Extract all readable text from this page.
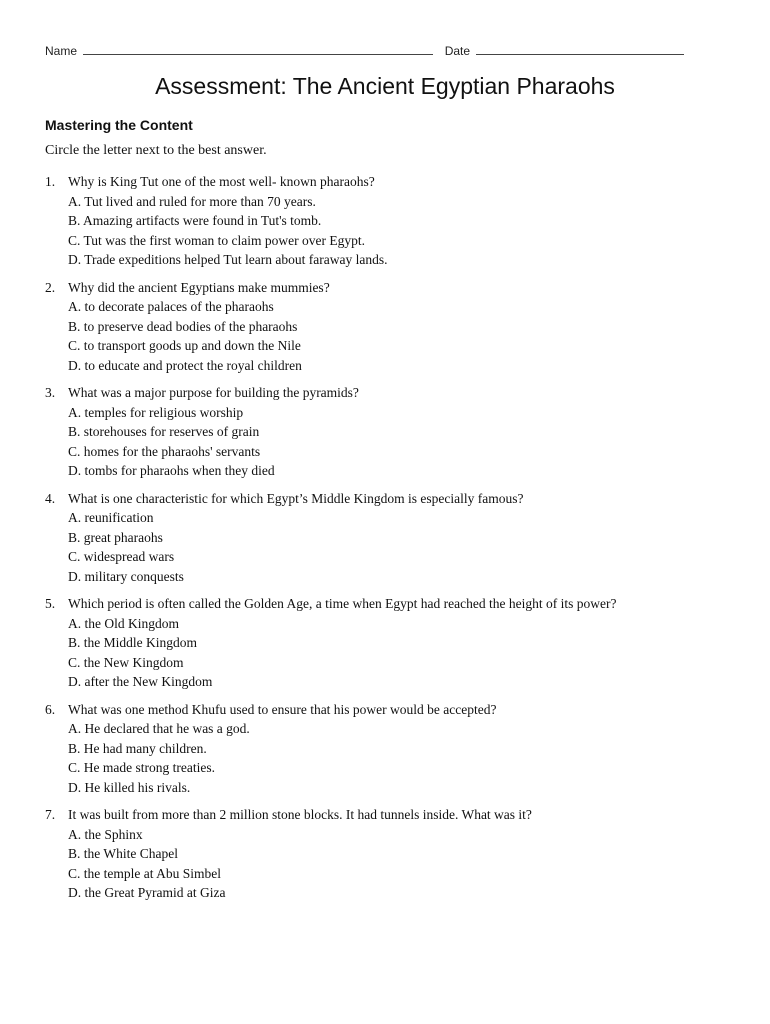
Name	Date
Assessment: The Ancient Egyptian Pharaohs
Mastering the Content
Circle the letter next to the best answer.
1. Why is King Tut one of the most well- known pharaohs?
A. Tut lived and ruled for more than 70 years.
B. Amazing artifacts were found in Tut's tomb.
C. Tut was the first woman to claim power over Egypt.
D. Trade expeditions helped Tut learn about faraway lands.
2. Why did the ancient Egyptians make mummies?
A. to decorate palaces of the pharaohs
B. to preserve dead bodies of the pharaohs
C. to transport goods up and down the Nile
D. to educate and protect the royal children
3. What was a major purpose for building the pyramids?
A. temples for religious worship
B. storehouses for reserves of grain
C. homes for the pharaohs' servants
D. tombs for pharaohs when they died
4. What is one characteristic for which Egypt’s Middle Kingdom is especially famous?
A. reunification
B. great pharaohs
C. widespread wars
D. military conquests
5. Which period is often called the Golden Age, a time when Egypt had reached the height of its power?
A. the Old Kingdom
B. the Middle Kingdom
C. the New Kingdom
D. after the New Kingdom
6. What was one method Khufu used to ensure that his power would be accepted?
A. He declared that he was a god.
B. He had many children.
C. He made strong treaties.
D. He killed his rivals.
7. It was built from more than 2 million stone blocks. It had tunnels inside. What was it?
A. the Sphinx
B. the White Chapel
C. the temple at Abu Simbel
D. the Great Pyramid at Giza
